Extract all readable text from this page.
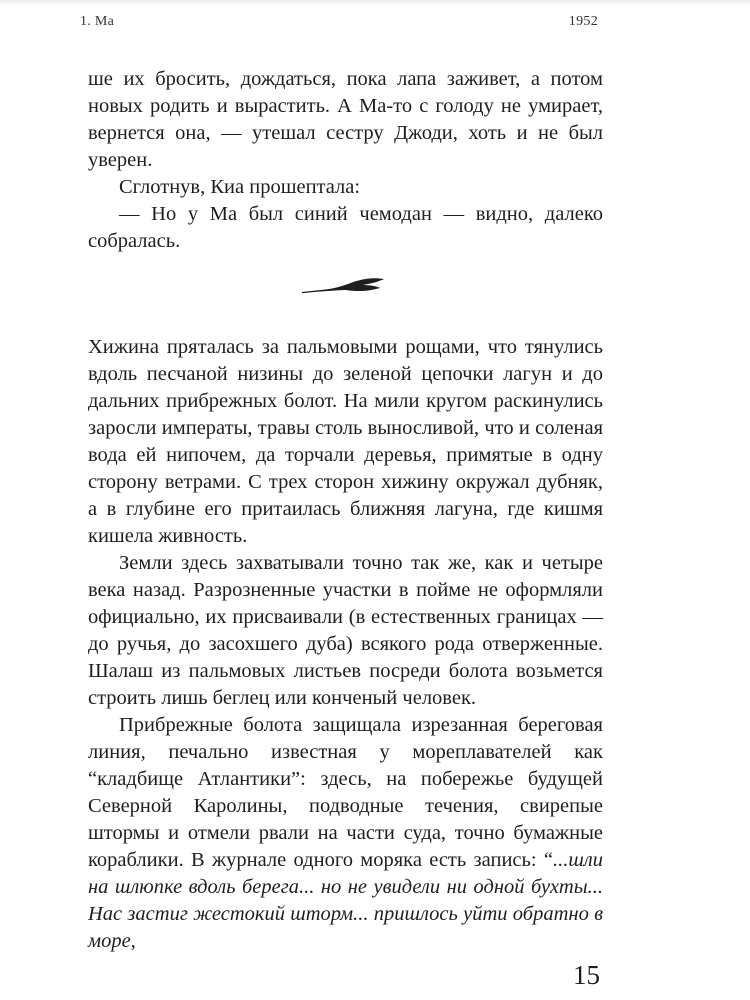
1. Ма	1952

ше их бросить, дождаться, пока лапа заживет, а потом новых родить и вырастить. А Ма-то с голоду не умирает, вернется она, — утешал сестру Джоди, хоть и не был уверен.

Сглотнув, Киа прошептала:

— Но у Ма был синий чемодан — видно, далеко собралась.

Хижина пряталась за пальмовыми рощами, что тянулись вдоль песчаной низины до зеленой цепочки лагун и до дальних прибрежных болот. На мили кругом раскинулись заросли императы, травы столь выносливой, что и соленая вода ей нипочем, да торчали деревья, примятые в одну сторону ветрами. С трех сторон хижину окружал дубняк, а в глубине его притаилась ближняя лагуна, где кишмя кишела живность.

Земли здесь захватывали точно так же, как и четыре века назад. Разрозненные участки в пойме не оформляли официально, их присваивали (в естественных границах — до ручья, до засохшего дуба) всякого рода отверженные. Шалаш из пальмовых листьев посреди болота возьмется строить лишь беглец или конченый человек.

Прибрежные болота защищала изрезанная береговая линия, печально известная у мореплавателей как “кладбище Атлантики”: здесь, на побережье будущей Северной Каролины, подводные течения, свирепые штормы и отмели рвали на части суда, точно бумажные кораблики. В журнале одного моряка есть запись: “...шли на шлюпке вдоль берега... но не увидели ни одной бухты... Нас застиг жестокий шторм... пришлось уйти обратно в море,

15
